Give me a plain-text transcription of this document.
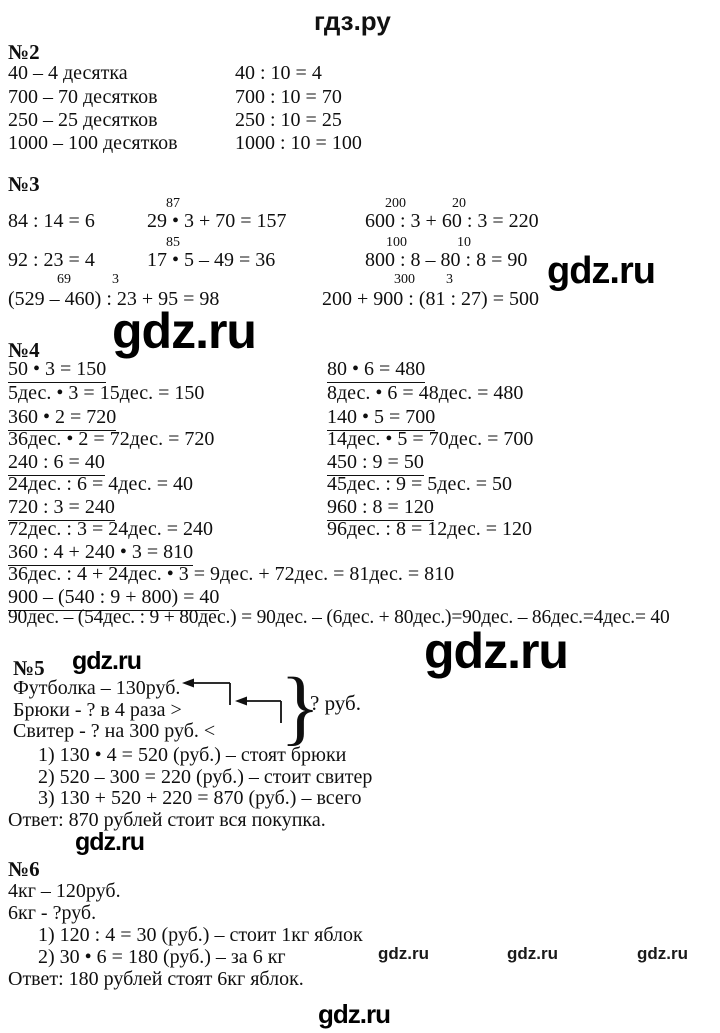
гдз.ру
gdz.ru
gdz.ru
gdz.ru
gdz.ru
gdz.ru
gdz.ru	gdz.ru	gdz.ru
gdz.ru
№2
40 – 4 десятка	40 : 10 = 4
700 – 70 десятков	700 : 10 = 70
250 – 25 десятков	250 : 10 = 25
1000 – 100 десятков	1000 : 10 = 100
№3
87	200	20
85	100	10
69	3	300 3
84 : 14 = 6	29 • 3 + 70 = 157	600 : 3 + 60 : 3 = 220
92 : 23 = 4	17 • 5 – 49 = 36	800 : 8 – 80 : 8 = 90
(529 – 460) : 23 + 95 = 98	200 + 900 : (81 : 27) = 500
№4
50 • 3 = 150	80 • 6 = 480
5дес. • 3 = 15дес. = 150	8дес. • 6 = 48дес. = 480
360 • 2 = 720	140 • 5 = 700
36дес. • 2 = 72дес. = 720	14дес. • 5 = 70дес. = 700
240 : 6 = 40	450 : 9 = 50
24дес. : 6 = 4дес. = 40	45дес. : 9 = 5дес. = 50
720 : 3 = 240	960 : 8 = 120
72дес. : 3 = 24дес. = 240	96дес. : 8 = 12дес. = 120
360 : 4 + 240 • 3 = 810
36дес. : 4 + 24дес. • 3 = 9дес. + 72дес. = 81дес. = 810
900 – (540 : 9 + 800) = 40
90дес. – (54дес. : 9 + 80дес.) = 90дес. – (6дес. + 80дес.)=90дес. – 86дес.=4дес.= 40
№5
Футболка – 130руб.
Брюки - ? в 4 раза >
Свитер - ? на 300 руб. < }
? руб.
1) 130 • 4 = 520 (руб.) – стоят брюки
2) 520 – 300 = 220 (руб.) – стоит свитер
3) 130 + 520 + 220 = 870 (руб.) – всего
Ответ: 870 рублей стоит вся покупка.
№6
4кг – 120руб.
6кг - ?руб.
1) 120 : 4 = 30 (руб.) – стоит 1кг яблок
2) 30 • 6 = 180 (руб.) – за 6 кг
Ответ: 180 рублей стоят 6кг яблок.
